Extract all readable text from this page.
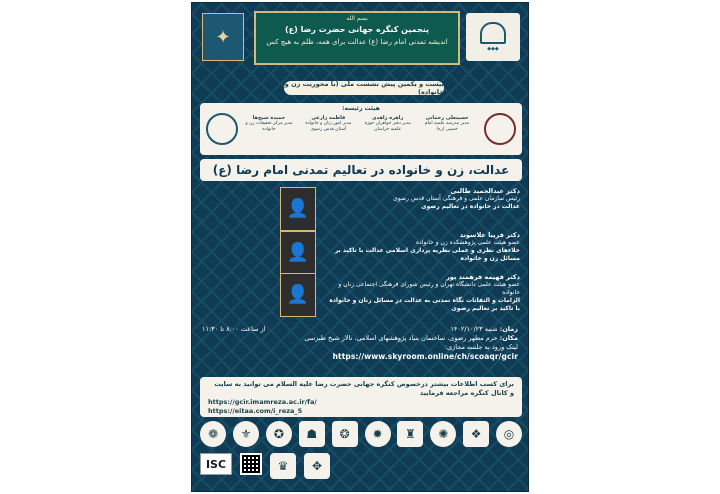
✦
◆◆◆
بسم الله
پنجمین کنگره جهانی حضرت رضا (ع)
اندیشه تمدنی امام رضا (ع) عدالت برای همه، ظلم به هیچ کس
بیست و یکمین پیش نشست ملی (با محوریت زن و خانواده)
هیئت رئیسه:
حسینعلی رحمانی
مدیر مدرسه علمیه امام خمینی (ره)
زاهره زاهدی
مدیر دفتر خواهران حوزه علمیه خراسان
فاطمه زارعی
مدیر امور زنان و خانواده آستان قدس رضوی
حمیده شیخ‌ها
مدیر مرکز تحقیقات زن و خانواده
عدالت، زن و خانواده در تعالیم تمدنی امام رضا (ع)
👤
دکتر عبدالحمید طالبی
رئیس سازمان علمی و فرهنگی آستان قدس رضوی
عدالت در خانواده در تعالیم رضوی
👤
دکتر فریبا علاسوند
عضو هیئت علمی پژوهشکده زن و خانواده
خلاء‌های نظری و عملی نظریه پردازی اسلامی عدالت با تاکید بر مسائل زن و خانواده
👤
دکتر فهیمه فرهمند پور
عضو هیئت علمی دانشگاه تهران و رئیس شورای فرهنگی اجتماعی زنان و خانواده
الزامات و التفاتات نگاه تمدنی به عدالت در مسائل زنان و خانواده با تاکید بر تعالیم رضوی
زمان: شنبه ۱۴۰۲/۱۰/۲۳
از ساعت ۸:۰۰ تا ۱۱:۳۰
مکان: حرم مطهر رضوی، ساختمان بنیاد پژوهشهای اسلامی، تالار شیخ طبرسی
لینک ورود به جلسه مجازی:
https://www.skyroom.online/ch/scoaqr/gcir
برای کسب اطلاعات بیشتر درخصوص کنگره جهانی حضرت رضا علیه السلام می توانید به سایت و کانال کنگره مراجعه فرمایید
https://gcir.imamreza.ac.ir/fa/
https://eitaa.com/i_reza_5
◎
❖
✺
♜
✹
❂
☗
✪
⚜
❁
ISC	♛	✥
